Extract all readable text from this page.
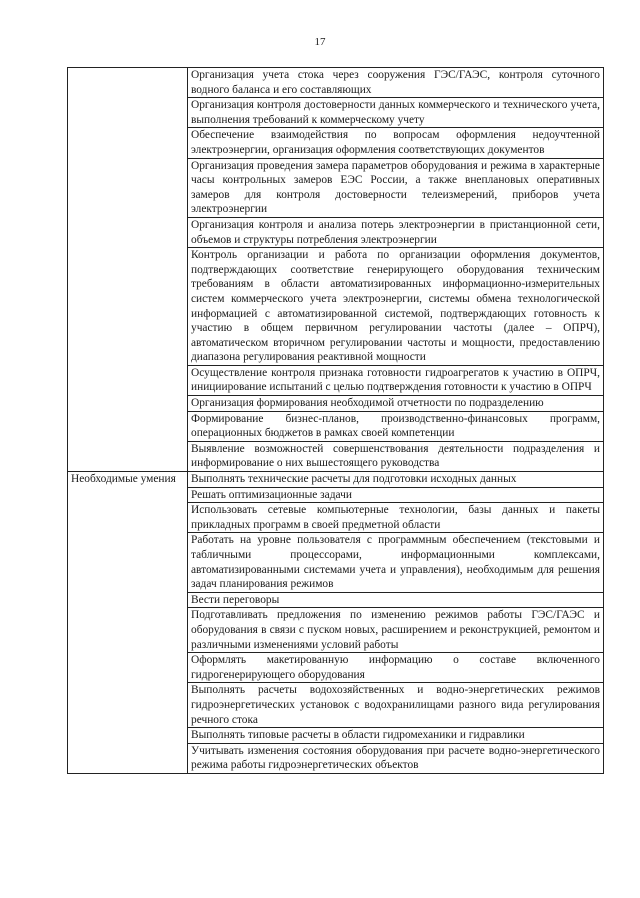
17
	Организация учета стока через сооружения ГЭС/ГАЭС, контроля суточного водного баланса и его составляющих
	Организация контроля достоверности данных коммерческого и технического учета, выполнения требований к коммерческому учету
	Обеспечение взаимодействия по вопросам оформления недоучтенной электроэнергии, организация оформления соответствующих документов
	Организация проведения замера параметров оборудования и режима в характерные часы контрольных замеров ЕЭС России, а также внеплановых оперативных замеров для контроля достоверности телеизмерений, приборов учета электроэнергии
	Организация контроля и анализа потерь электроэнергии в пристанционной сети, объемов и структуры потребления электроэнергии
	Контроль организации и работа по организации оформления документов, подтверждающих соответствие генерирующего оборудования техническим требованиям в области автоматизированных информационно-измерительных систем коммерческого учета электроэнергии, системы обмена технологической информацией с автоматизированной системой, подтверждающих готовность к участию в общем первичном регулировании частоты (далее – ОПРЧ), автоматическом вторичном регулировании частоты и мощности, предоставлению диапазона регулирования реактивной мощности
	Осуществление контроля признака готовности гидроагрегатов к участию в ОПРЧ, инициирование испытаний с целью подтверждения готовности к участию в ОПРЧ
	Организация формирования необходимой отчетности по подразделению
	Формирование бизнес-планов, производственно-финансовых программ, операционных бюджетов в рамках своей компетенции
	Выявление возможностей совершенствования деятельности подразделения и информирование о них вышестоящего руководства
Необходимые умения	Выполнять технические расчеты для подготовки исходных данных
	Решать оптимизационные задачи
	Использовать сетевые компьютерные технологии, базы данных и пакеты прикладных программ в своей предметной области
	Работать на уровне пользователя с программным обеспечением (текстовыми и табличными процессорами, информационными комплексами, автоматизированными системами учета и управления), необходимым для решения задач планирования режимов
	Вести переговоры
	Подготавливать предложения по изменению режимов работы ГЭС/ГАЭС и оборудования в связи с пуском новых, расширением и реконструкцией, ремонтом и различными изменениями условий работы
	Оформлять макетированную информацию о составе включенного гидрогенерирующего оборудования
	Выполнять расчеты водохозяйственных и водно-энергетических режимов гидроэнергетических установок с водохранилищами разного вида регулирования речного стока
	Выполнять типовые расчеты в области гидромеханики и гидравлики
	Учитывать изменения состояния оборудования при расчете водно-энергетического режима работы гидроэнергетических объектов
